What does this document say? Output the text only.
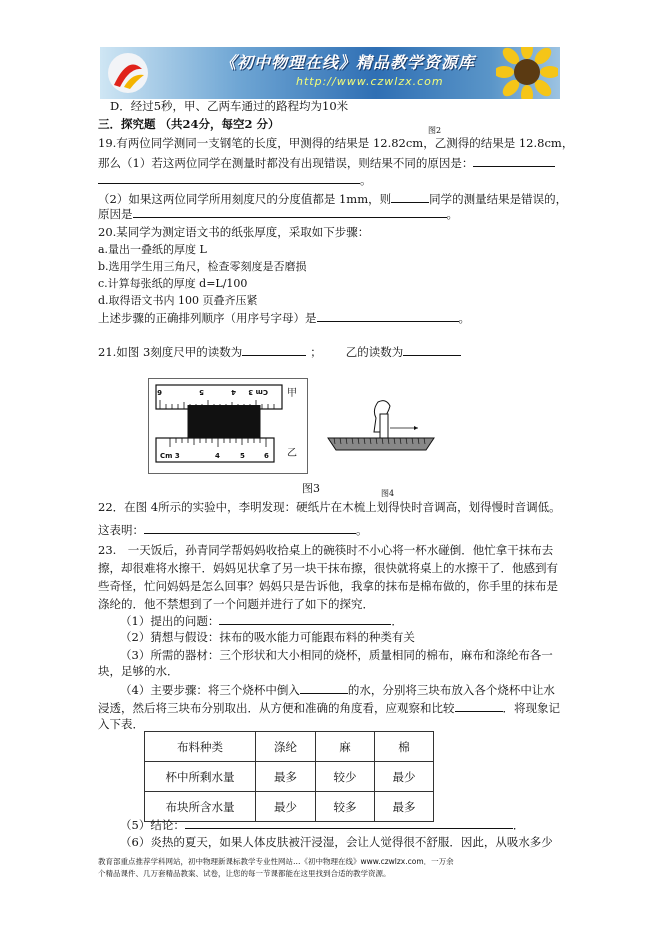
《初中物理在线》精品教学资源库
http://www.czwlzx.com
D．经过5秒，甲、乙两车通过的路程均为10米
三．探究题 （共24分，每空2 分）	图2
19.有两位同学测同一支钢笔的长度，甲测得的结果是 12.82cm，乙测得的结果是 12.8cm，
那么（1）若这两位同学在测量时都没有出现错误，则结果不同的原因是：
。
（2）如果这两位同学所用刻度尺的分度值都是 1mm，则	同学的测量结果是错误的，
原因是	。
20.某同学为测定语文书的纸张厚度，采取如下步骤：
a.量出一叠纸的厚度 L
b.选用学生用三角尺，检查零刻度是否磨损
c.计算每张纸的厚度 d=L/100
d.取得语文书内 100 页叠齐压紧
上述步骤的正确排列顺序（用序号字母）是	。
21.如图 3刻度尺甲的读数为	； 乙的读数为
6	5	4 Cm 3 甲
Cm 3	4	5	6 乙
图3	图4
22．在图 4所示的实验中，李明发现：硬纸片在木梳上划得快时音调高，划得慢时音调低。
这表明：	。
23.　一天饭后，孙青同学帮妈妈收拾桌上的碗筷时不小心将一杯水碰倒．他忙拿干抹布去
擦，却很难将水擦干．妈妈见状拿了另一块干抹布擦，很快就将桌上的水擦干了．他感到有
些奇怪，忙问妈妈是怎么回事？妈妈只是告诉他，我拿的抹布是棉布做的，你手里的抹布是
涤纶的．他不禁想到了一个问题并进行了如下的探究．
（1）提出的问题：	．
（2）猜想与假设：抹布的吸水能力可能跟布料的种类有关
（3）所需的器材：三个形状和大小相同的烧杯，质量相同的棉布，麻布和涤纶布各一
块，足够的水．
（4）主要步骤：将三个烧杯中倒入	的水，分别将三块布放入各个烧杯中让水
浸透，然后将三块布分别取出．从方便和准确的角度看，应观察和比较	．将现象记
入下表．
布料种类	涤纶	麻	棉
杯中所剩水量	最多	较少	最少
布块所含水量	最少	较多	最多
（5）结论：	．
（6）炎热的夏天，如果人体皮肤被汗浸湿，会让人觉得很不舒服．因此，从吸水多少
教育部重点推荐学科网站，初中物理新课标教学专业性网站…《初中物理在线》www.czwlzx.com．一万余
个精品课件、几万套精品教案、试卷，让您的每一节课都能在这里找到合适的教学资源。
